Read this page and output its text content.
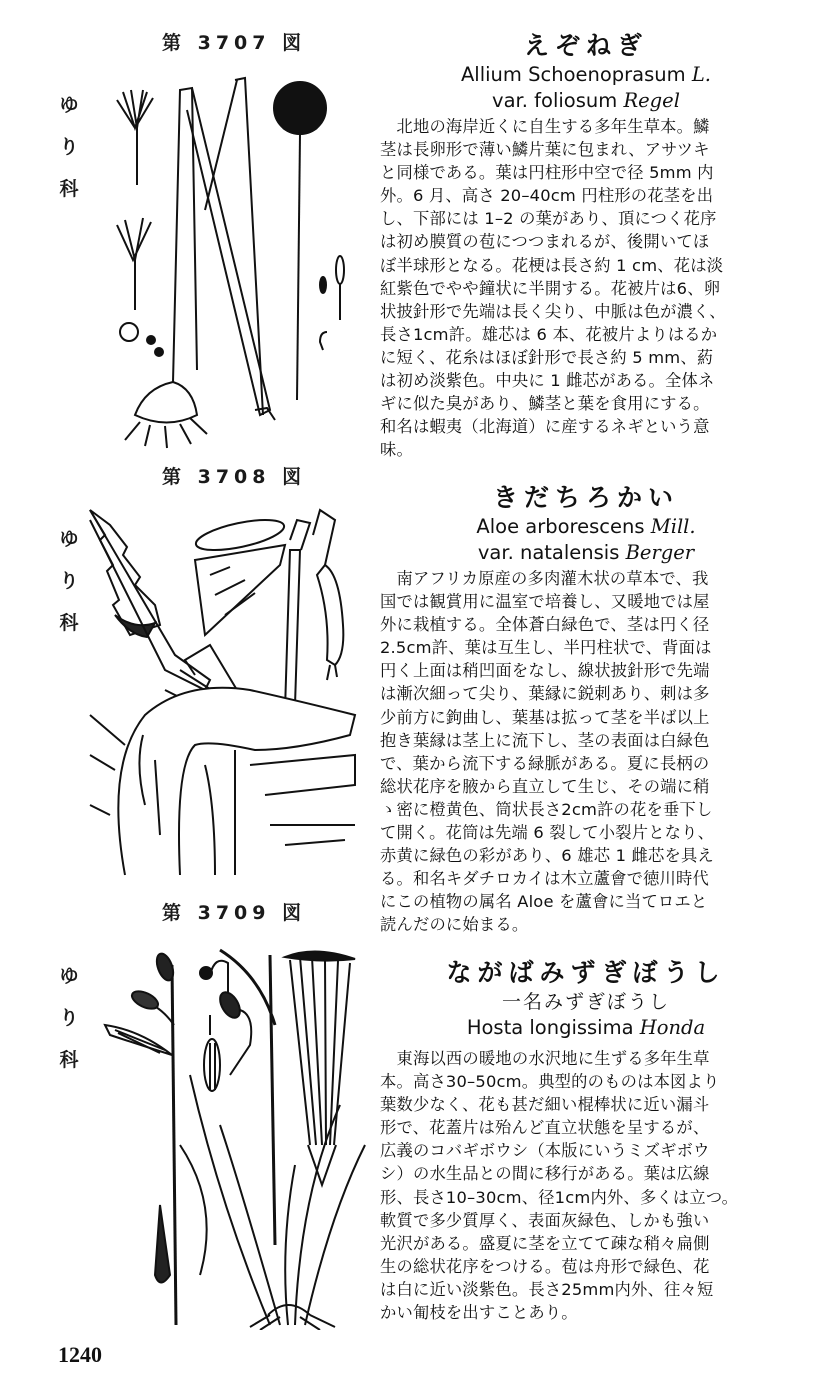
第 3707 図
ゆ
り
科
えぞねぎ
Allium Schoenoprasum L.
var. foliosum Regel
　北地の海岸近くに自生する多年生草本。鱗
茎は長卵形で薄い鱗片葉に包まれ、アサツキ
と同様である。葉は円柱形中空で径 5mm 内
外。6 月、高さ 20–40cm 円柱形の花茎を出
し、下部には 1–2 の葉があり、頂につく花序
は初め膜質の苞につつまれるが、後開いてほ
ぼ半球形となる。花梗は長さ約 1 cm、花は淡
紅紫色でやや鐘状に半開する。花被片は6、卵
状披針形で先端は長く尖り、中脈は色が濃く、
長さ1cm許。雄芯は 6 本、花被片よりはるか
に短く、花糸はほぼ針形で長さ約 5 mm、葯
は初め淡紫色。中央に 1 雌芯がある。全体ネ
ギに似た臭があり、鱗茎と葉を食用にする。
和名は蝦夷（北海道）に産するネギという意
味。
第 3708 図
ゆ
り
科
きだちろかい
Aloe arborescens Mill.
var. natalensis Berger
　南アフリカ原産の多肉灌木状の草本で、我
国では観賞用に温室で培養し、又暖地では屋
外に栽植する。全体蒼白緑色で、茎は円く径
2.5cm許、葉は互生し、半円柱状で、背面は
円く上面は稍凹面をなし、線状披針形で先端
は漸次細って尖り、葉縁に鋭刺あり、刺は多
少前方に鉤曲し、葉基は拡って茎を半ば以上
抱き葉縁は茎上に流下し、茎の表面は白緑色
で、葉から流下する緑脈がある。夏に長柄の
総状花序を腋から直立して生じ、その端に稍
ゝ密に橙黄色、筒状長さ2cm許の花を垂下し
て開く。花筒は先端 6 裂して小裂片となり、
赤黄に緑色の彩があり、6 雄芯 1 雌芯を具え
る。和名キダチロカイは木立蘆會で徳川時代
にこの植物の属名 Aloe を蘆會に当てロエと
読んだのに始まる。
第 3709 図
ゆ
り
科
ながばみずぎぼうし
一名みずぎぼうし
Hosta longissima Honda
　東海以西の暖地の水沢地に生ずる多年生草
本。高さ30–50cm。典型的のものは本図より
葉数少なく、花も甚だ細い棍棒状に近い漏斗
形で、花蓋片は殆んど直立状態を呈するが、
広義のコバギボウシ（本版にいうミズギボウ
シ）の水生品との間に移行がある。葉は広線
形、長さ10–30cm、径1cm内外、多くは立つ。
軟質で多少質厚く、表面灰緑色、しかも強い
光沢がある。盛夏に茎を立てて疎な稍々扁側
生の総状花序をつける。苞は舟形で緑色、花
は白に近い淡紫色。長さ25mm内外、往々短
かい匍枝を出すことあり。
1240
